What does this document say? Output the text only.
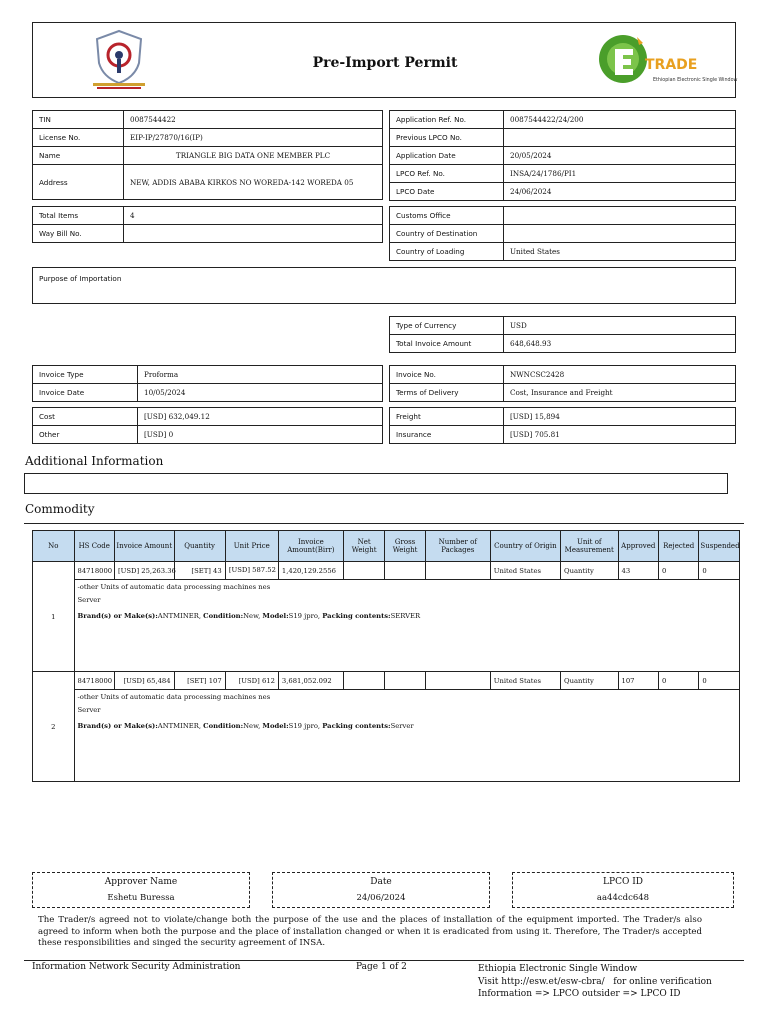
Pre-Import Permit	TRADE
Ethiopian Electronic Single Window
TIN	0087544422
License No.	EIP-IP/27870/16(IP)
Name	TRIANGLE BIG DATA ONE MEMBER PLC
Address	NEW, ADDIS ABABA KIRKOS NO WOREDA-142 WOREDA 05
Application Ref. No.	0087544422/24/200
Previous LPCO No.	
Application Date	20/05/2024
LPCO Ref. No.	INSA/24/1786/PI1
LPCO Date	24/06/2024
Total Items	4
Way Bill No.	
Customs Office	
Country of Destination	
Country of Loading	United States
Purpose of Importation
Type of Currency	USD
Total Invoice Amount	648,648.93
Invoice Type	Proforma
Invoice Date	10/05/2024
Invoice No.	NWNCSC2428
Terms of Delivery	Cost, Insurance and Freight
Cost	[USD] 632,049.12
Other	[USD] 0
Freight	[USD] 15,894
Insurance	[USD] 705.81
Additional Information
Commodity
No	HS Code	Invoice Amount	Quantity	Unit Price	Invoice Amount(Birr)	Net Weight	Gross Weight	Number of Packages	Country of Origin	Unit of Measurement	Approved	Rejected	Suspended
1	84718000	[USD] 25,263.36	[SET] 43	[USD] 587.52	1,420,129.2556				United States	Quantity	43	0	0

	-other Units of automatic data processing machines nes

Server

Brand(s) or Make(s):ANTMINER, Condition:New, Model:S19 jpro, Packing contents:SERVER												

2	84718000	[USD] 65,484	[SET] 107	[USD] 612	3,681,052.092				United States	Quantity	107	0	0

	-other Units of automatic data processing machines nes

Server

Brand(s) or Make(s):ANTMINER, Condition:New, Model:S19 jpro, Packing contents:Server												

Approver Name
Eshetu Buressa
Date
24/06/2024
LPCO ID
aa44cdc648
The Trader/s agreed not to violate/change both the purpose of the use and the places of installation of the equipment imported. The Trader/s also agreed to inform when both the purpose and the place of installation changed or when it is eradicated from using it. Therefore, The Trader/s accepted these responsibilities and singed the security agreement of INSA.
Information Network Security Administration	Page 1 of 2	Ethiopia Electronic Single Window
Visit http://esw.et/esw-cbra/   for online verification
Information => LPCO outsider => LPCO ID
